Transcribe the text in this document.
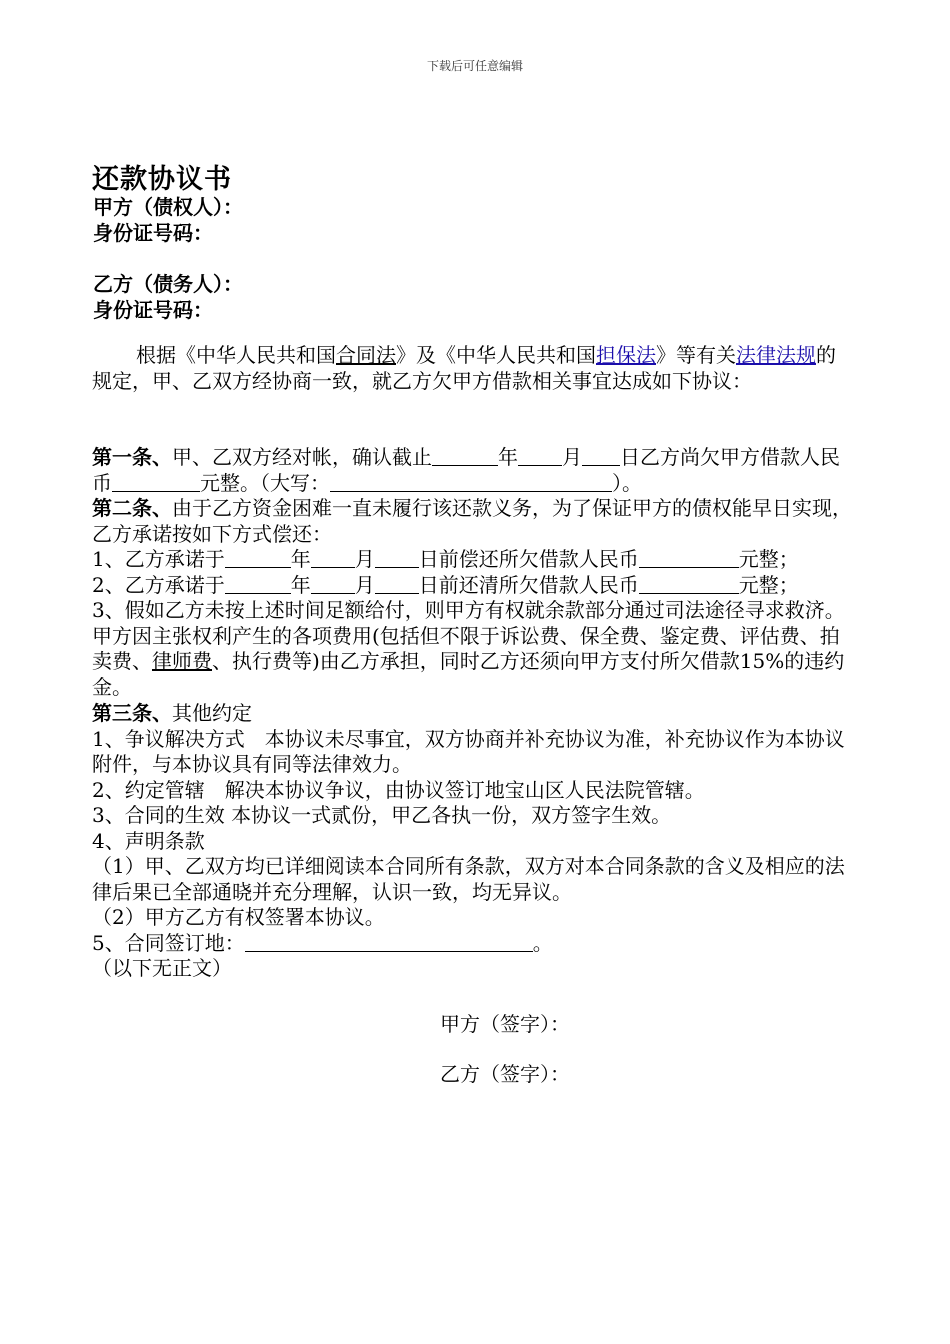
下载后可任意编辑
还款协议书
甲方（债权人）：
身份证号码：
乙方（债务人）：
身份证号码：
根据《中华人民共和国合同法》及《中华人民共和国担保法》等有关法律法规的规定，甲、乙双方经协商一致，就乙方欠甲方借款相关事宜达成如下协议：
第一条、甲、乙双方经对帐，确认截止	年 月 日乙方尚欠甲方借款人民币	元整。（大写：	）。
第二条、由于乙方资金困难一直未履行该还款义务，为了保证甲方的债权能早日实现，乙方承诺按如下方式偿还：
1、乙方承诺于	年 月 日前偿还所欠借款人民币	元整；
2、乙方承诺于	年 月 日前还清所欠借款人民币	元整；
3、假如乙方未按上述时间足额给付，则甲方有权就余款部分通过司法途径寻求救济。甲方因主张权利产生的各项费用(包括但不限于诉讼费、保全费、鉴定费、评估费、拍卖费、律师费、执行费等)由乙方承担，同时乙方还须向甲方支付所欠借款15%的违约金。
第三条、其他约定
1、争议解决方式　本协议未尽事宜，双方协商并补充协议为准，补充协议作为本协议附件，与本协议具有同等法律效力。
2、约定管辖　解决本协议争议，由协议签订地宝山区人民法院管辖。
3、合同的生效 本协议一式贰份，甲乙各执一份，双方签字生效。
4、声明条款
（1）甲、乙双方均已详细阅读本合同所有条款，双方对本合同条款的含义及相应的法律后果已全部通晓并充分理解，认识一致，均无异议。
（2）甲方乙方有权签署本协议。
5、合同签订地：	。
（以下无正文）
甲方（签字）：
乙方（签字）：
